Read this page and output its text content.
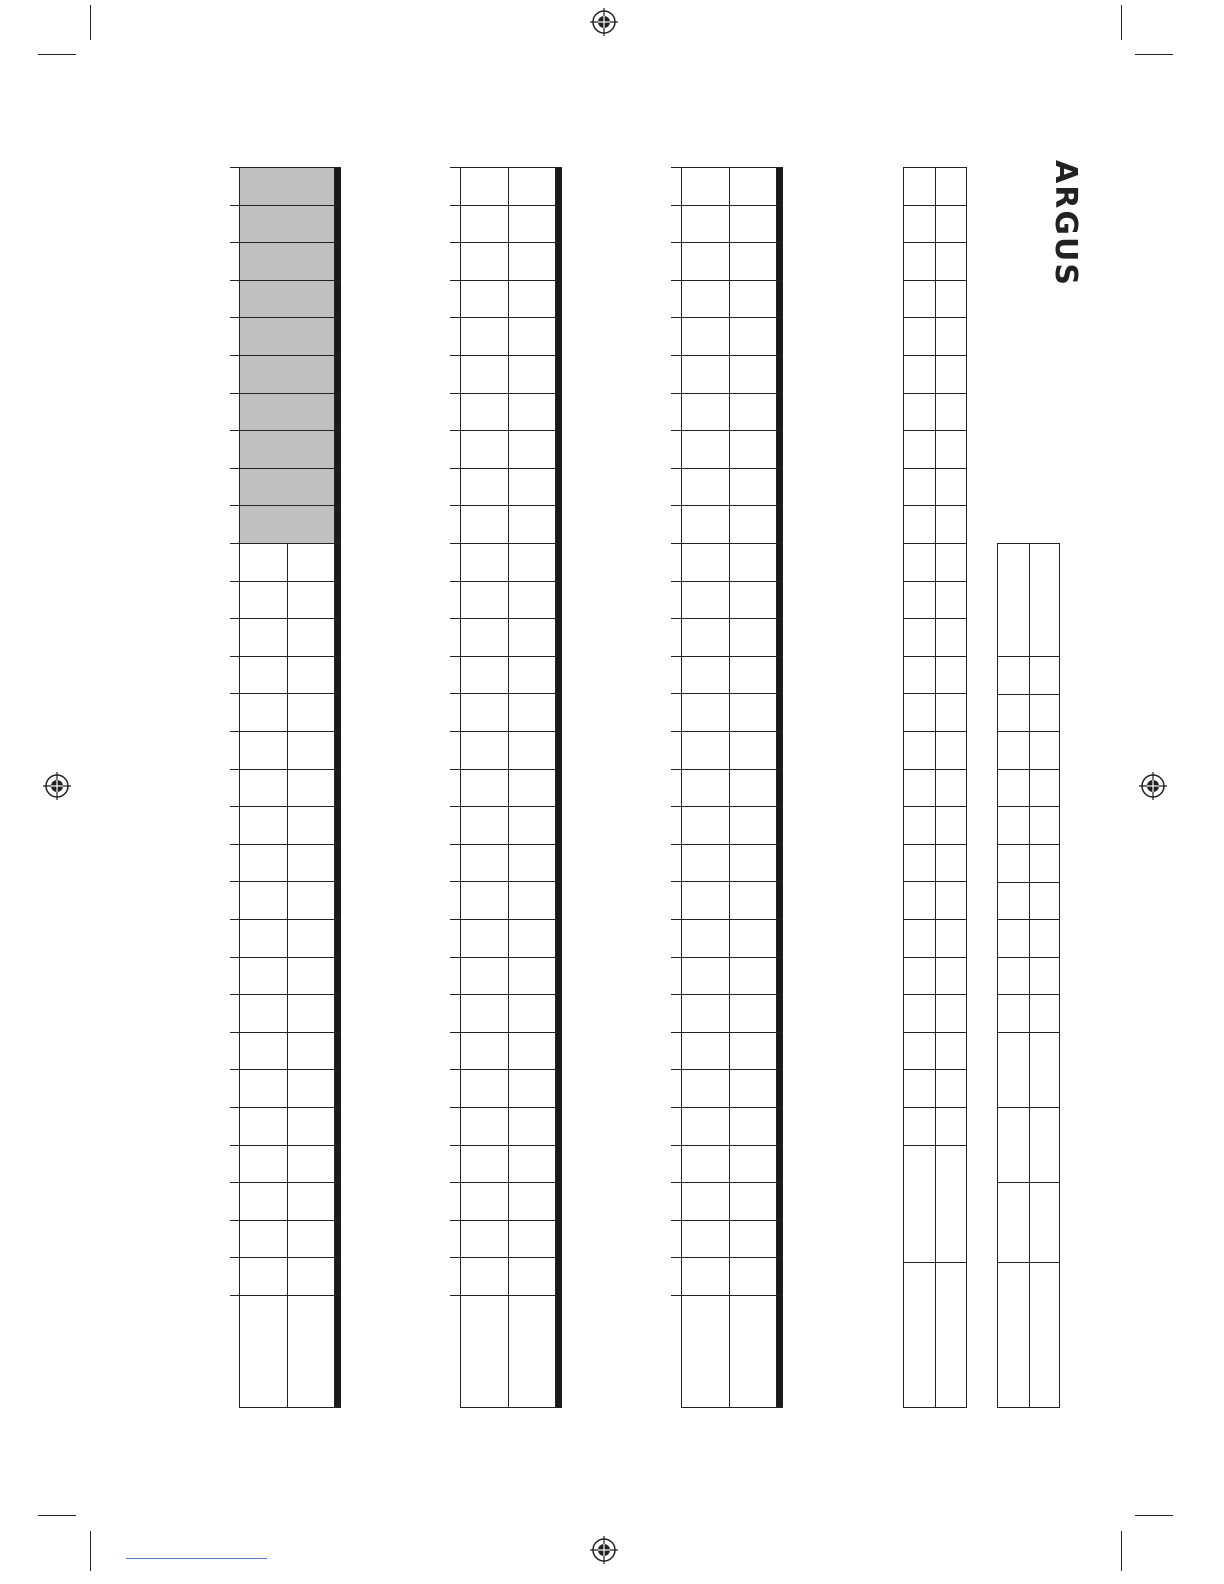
ARGUS
